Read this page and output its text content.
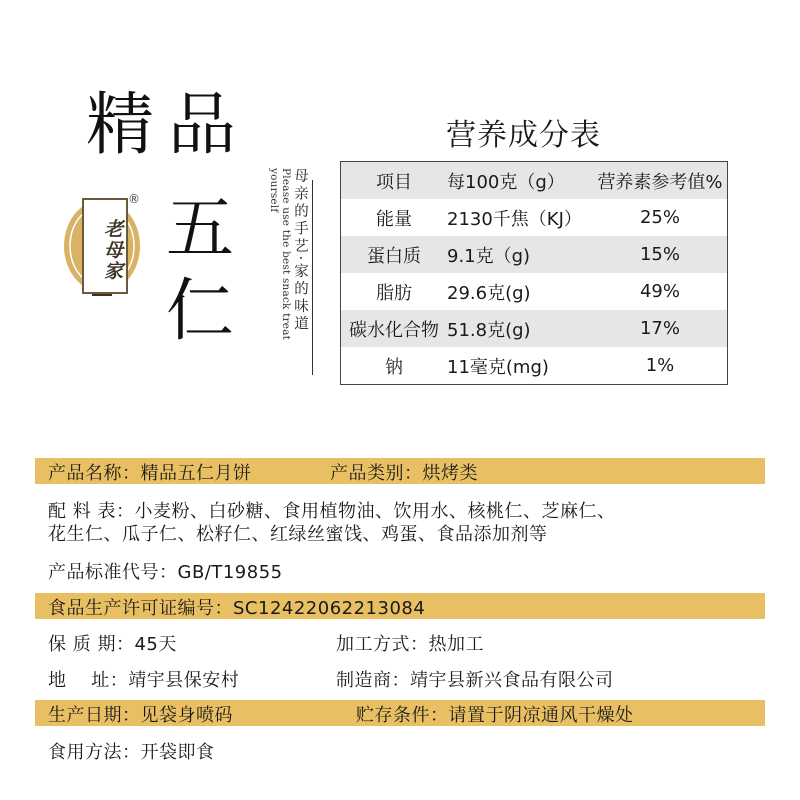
精 品
五
仁
老母家
®	Please use the best snack treat yourself 母亲的手艺·家的味道
营养成分表
项目	每100克（g）	营养素参考值%
能量	2130千焦（KJ）	25%
蛋白质	9.1克（g)	15%
脂肪	29.6克(g)	49%
碳水化合物 51.8克(g)	17%
钠	11毫克(mg)	1%
产品名称：精品五仁月饼	产品类别：烘烤类
配 料 表：小麦粉、白砂糖、食用植物油、饮用水、核桃仁、芝麻仁、
花生仁、瓜子仁、松籽仁、红绿丝蜜饯、鸡蛋、食品添加剂等
产品标准代号：GB/T19855
食品生产许可证编号：SC12422062213084
保 质 期：45天	加工方式：热加工
地　 址：靖宇县保安村	制造商：靖宇县新兴食品有限公司
生产日期：见袋身喷码	贮存条件：请置于阴凉通风干燥处
食用方法：开袋即食
